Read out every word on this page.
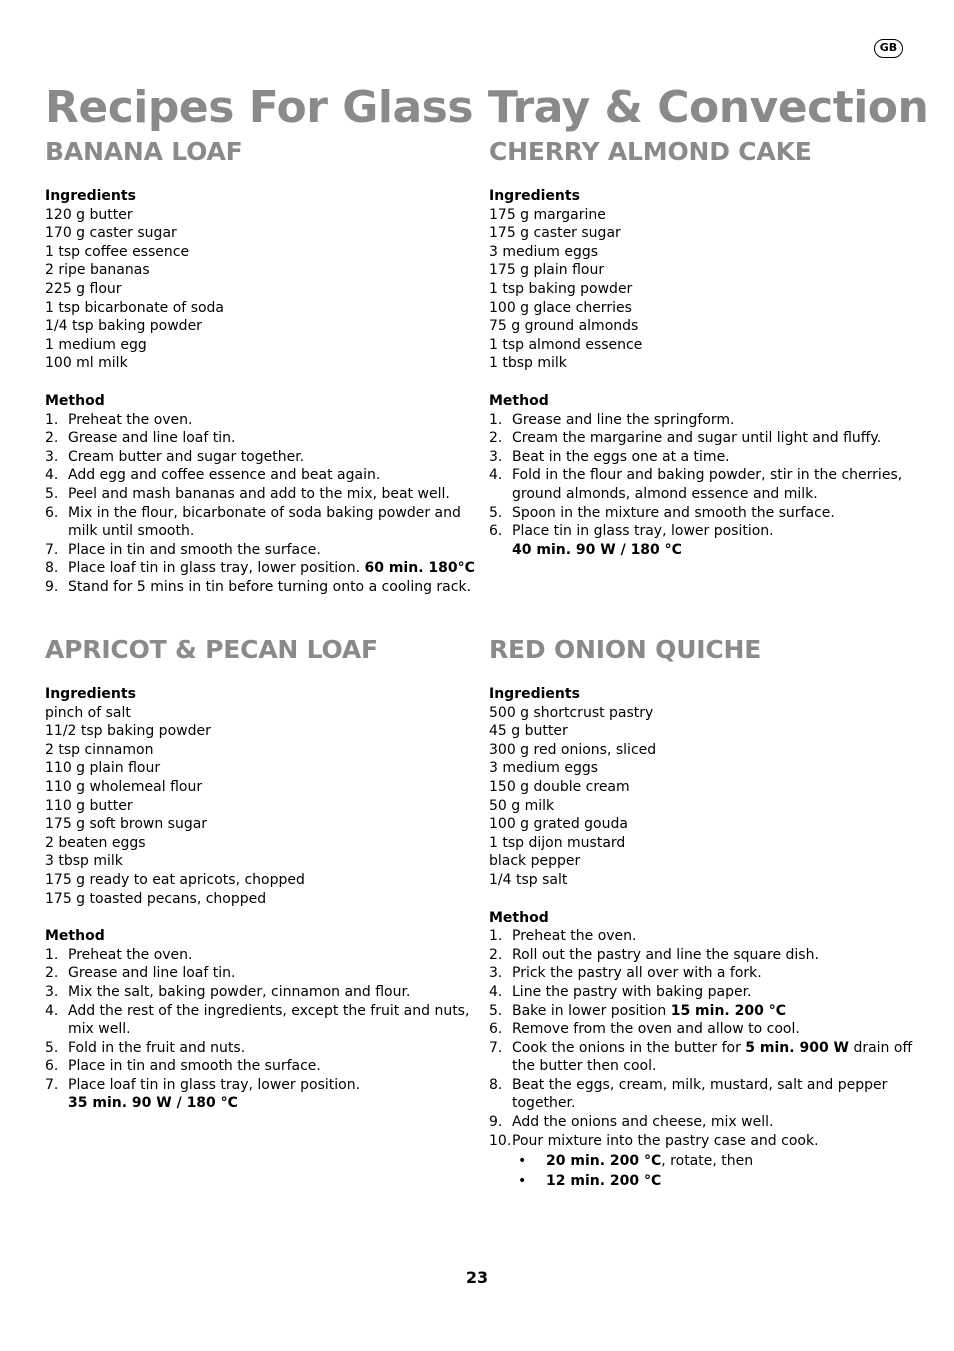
GB
Recipes For Glass Tray & Convection
BANANA LOAF

Ingredients

120 g butter
170 g caster sugar
1 tsp coffee essence
2 ripe bananas
225 g flour
1 tsp bicarbonate of soda
1/4 tsp baking powder
1 medium egg
100 ml milk

Method

1. Preheat the oven.
2. Grease and line loaf tin.
3. Cream butter and sugar together.
4. Add egg and coffee essence and beat again.
5. Peel and mash bananas and add to the mix, beat well.
6. Mix in the flour, bicarbonate of soda baking powder and milk until smooth.
7. Place in tin and smooth the surface.
8. Place loaf tin in glass tray, lower position. 60 min. 180°C
9. Stand for 5 mins in tin before turning onto a cooling rack.
CHERRY ALMOND CAKE

Ingredients

175 g margarine
175 g caster sugar
3 medium eggs
175 g plain flour
1 tsp baking powder
100 g glace cherries
75 g ground almonds
1 tsp almond essence
1 tbsp milk

Method

1. Grease and line the springform.
2. Cream the margarine and sugar until light and fluffy.
3. Beat in the eggs one at a time.
4. Fold in the flour and baking powder, stir in the cherries, ground almonds, almond essence and milk.
5. Spoon in the mixture and smooth the surface.
6. Place tin in glass tray, lower position.
40 min. 90 W / 180 °C
APRICOT & PECAN LOAF

Ingredients

pinch of salt
11/2 tsp baking powder
2 tsp cinnamon
110 g plain flour
110 g wholemeal flour
110 g butter
175 g soft brown sugar
2 beaten eggs
3 tbsp milk
175 g ready to eat apricots, chopped
175 g toasted pecans, chopped

Method

1. Preheat the oven.
2. Grease and line loaf tin.
3. Mix the salt, baking powder, cinnamon and flour.
4. Add the rest of the ingredients, except the fruit and nuts, mix well.
5. Fold in the fruit and nuts.
6. Place in tin and smooth the surface.
7. Place loaf tin in glass tray, lower position.
35 min. 90 W / 180 °C
RED ONION QUICHE

Ingredients

500 g shortcrust pastry
45 g butter
300 g red onions, sliced
3 medium eggs
150 g double cream
50 g milk
100 g grated gouda
1 tsp dijon mustard
black pepper
1/4 tsp salt

Method

1. Preheat the oven.
2. Roll out the pastry and line the square dish.
3. Prick the pastry all over with a fork.
4. Line the pastry with baking paper.
5. Bake in lower position 15 min. 200 °C
6. Remove from the oven and allow to cool.
7. Cook the onions in the butter for 5 min. 900 W drain off the butter then cool.
8. Beat the eggs, cream, milk, mustard, salt and pepper together.
9. Add the onions and cheese, mix well.
10. Pour mixture into the pastry case and cook.
• 20 min. 200 °C, rotate, then
• 12 min. 200 °C
23
